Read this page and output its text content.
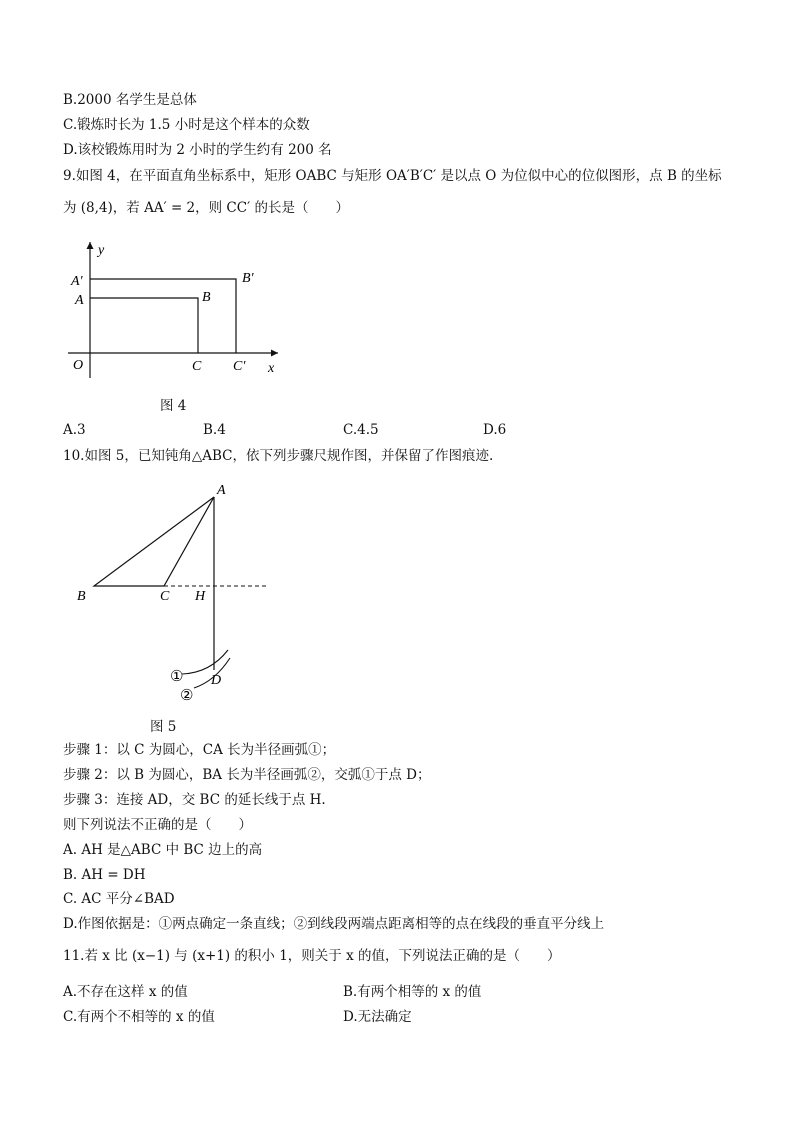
B.2000 名学生是总体
C.锻炼时长为 1.5 小时是这个样本的众数
D.该校锻炼用时为 2 小时的学生约有 200 名
9.如图 4，在平面直角坐标系中，矩形 OABC 与矩形 OA′B′C′ 是以点 O 为位似中心的位似图形，点 B 的坐标
为 (8,4)，若 AA′ = 2，则 CC′ 的长是（　　）
y
x
O
A
A′
B
B′
C C′
图 4
A.3	B.4	C.4.5	D.6
10.如图 5，已知钝角△ABC，依下列步骤尺规作图，并保留了作图痕迹.
A
B	C H
D
①
②
图 5
步骤 1：以 C 为圆心，CA 长为半径画弧①；
步骤 2：以 B 为圆心，BA 长为半径画弧②，交弧①于点 D；
步骤 3：连接 AD，交 BC 的延长线于点 H.
则下列说法不正确的是（　　）
A. AH 是△ABC 中 BC 边上的高
B. AH = DH
C. AC 平分∠BAD
D.作图依据是：①两点确定一条直线；②到线段两端点距离相等的点在线段的垂直平分线上
11.若 x 比 (x−1) 与 (x+1) 的积小 1，则关于 x 的值，下列说法正确的是（　　）
A.不存在这样 x 的值	B.有两个相等的 x 的值
C.有两个不相等的 x 的值	D.无法确定
